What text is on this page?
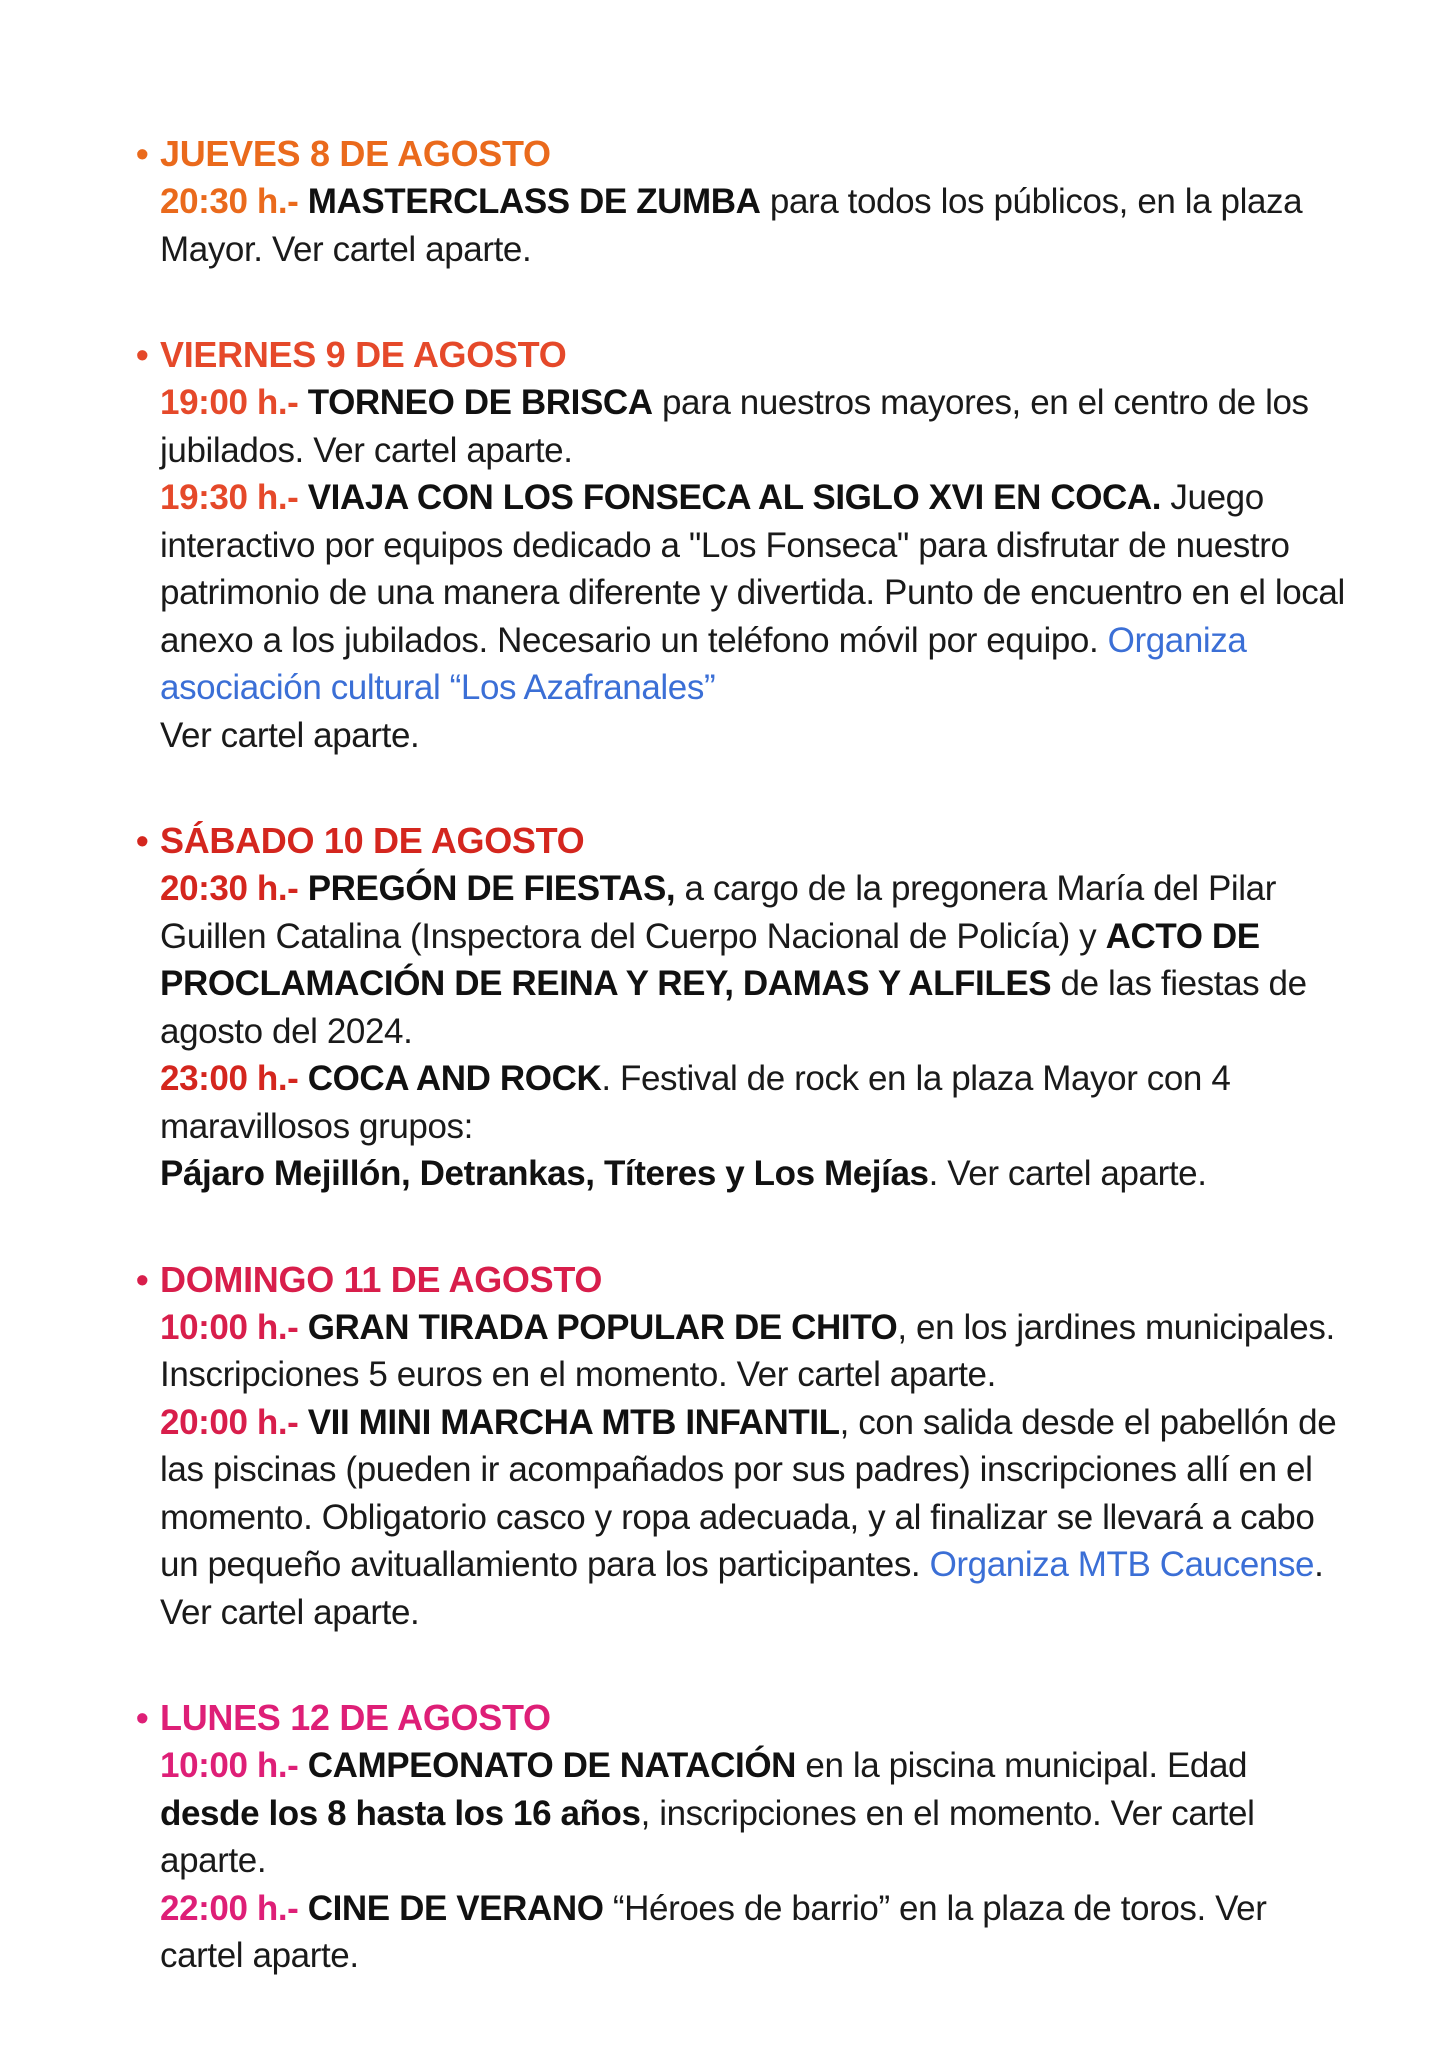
• JUEVES 8 DE AGOSTO
20:30 h.- MASTERCLASS DE ZUMBA para todos los públicos, en la plaza Mayor. Ver cartel aparte.
• VIERNES 9 DE AGOSTO
19:00 h.- TORNEO DE BRISCA para nuestros mayores, en el centro de los jubilados. Ver cartel aparte.
19:30 h.- VIAJA CON LOS FONSECA AL SIGLO XVI EN COCA. Juego interactivo por equipos dedicado a "Los Fonseca" para disfrutar de nuestro patrimonio de una manera diferente y divertida. Punto de encuentro en el local anexo a los jubilados. Necesario un teléfono móvil por equipo. Organiza asociación cultural “Los Azafranales”
Ver cartel aparte.
• SÁBADO 10 DE AGOSTO
20:30 h.- PREGÓN DE FIESTAS, a cargo de la pregonera María del Pilar Guillen Catalina (Inspectora del Cuerpo Nacional de Policía) y ACTO DE PROCLAMACIÓN DE REINA Y REY, DAMAS Y ALFILES de las fiestas de agosto del 2024.
23:00 h.- COCA AND ROCK. Festival de rock en la plaza Mayor con 4 maravillosos grupos:
Pájaro Mejillón, Detrankas, Títeres y Los Mejías. Ver cartel aparte.
• DOMINGO 11 DE AGOSTO
10:00 h.- GRAN TIRADA POPULAR DE CHITO, en los jardines municipales. Inscripciones 5 euros en el momento. Ver cartel aparte.
20:00 h.- VII MINI MARCHA MTB INFANTIL, con salida desde el pabellón de las piscinas (pueden ir acompañados por sus padres) inscripciones allí en el momento. Obligatorio casco y ropa adecuada, y al finalizar se llevará a cabo un pequeño avituallamiento para los participantes. Organiza MTB Caucense. Ver cartel aparte.
• LUNES 12 DE AGOSTO
10:00 h.- CAMPEONATO DE NATACIÓN en la piscina municipal. Edad desde los 8 hasta los 16 años, inscripciones en el momento. Ver cartel aparte.
22:00 h.- CINE DE VERANO “Héroes de barrio” en la plaza de toros. Ver cartel aparte.
